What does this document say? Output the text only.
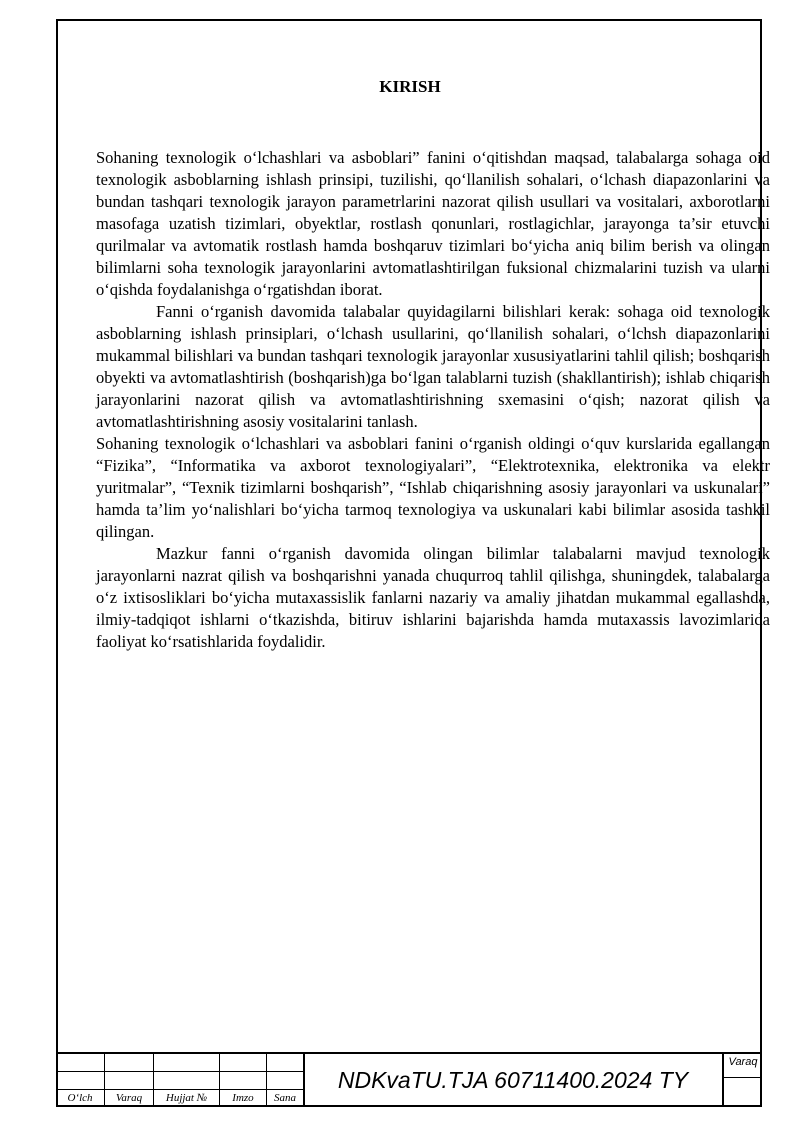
KIRISH

Sohaning texnologik o‘lchashlari va asboblari” fanini o‘qitishdan maqsad, talabalarga sohaga oid texnologik asboblarning ishlash prinsipi, tuzilishi, qo‘llanilish sohalari, o‘lchash diapazonlarini va bundan tashqari texnologik jarayon parametrlarini nazorat qilish usullari va vositalari, axborotlarni masofaga uzatish tizimlari, obyektlar, rostlash qonunlari, rostlagichlar, jarayonga ta’sir etuvchi qurilmalar va avtomatik rostlash hamda boshqaruv tizimlari bo‘yicha aniq bilim berish va olingan bilimlarni soha texnologik jarayonlarini avtomatlashtirilgan fuksional chizmalarini tuzish va ularni o‘qishda foydalanishga o‘rgatishdan iborat.

Fanni o‘rganish davomida talabalar quyidagilarni bilishlari kerak: sohaga oid texnologik asboblarning ishlash prinsiplari, o‘lchash usullarini, qo‘llanilish sohalari, o‘lchsh diapazonlarini mukammal bilishlari va bundan tashqari texnologik jarayonlar xususiyatlarini tahlil qilish; boshqarish obyekti va avtomatlashtirish (boshqarish)ga bo‘lgan talablarni tuzish (shakllantirish); ishlab chiqarish jarayonlarini nazorat qilish va avtomatlashtirishning sxemasini o‘qish; nazorat qilish va avtomatlashtirishning asosiy vositalarini tanlash.

Sohaning texnologik o‘lchashlari va asboblari fanini o‘rganish oldingi o‘quv kurslarida egallangan “Fizika”, “Informatika va axborot texnologiyalari”, “Elektrotexnika, elektronika va elektr yuritmalar”, “Texnik tizimlarni boshqarish”, “Ishlab chiqarishning asosiy jarayonlari va uskunalari” hamda ta’lim yo‘nalishlari bo‘yicha tarmoq texnologiya va uskunalari kabi bilimlar asosida tashkil qilingan.

Mazkur fanni o‘rganish davomida olingan bilimlar talabalarni mavjud texnologik jarayonlarni nazrat qilish va boshqarishni yanada chuqurroq tahlil qilishga, shuningdek, talabalarga o‘z ixtisosliklari bo‘yicha mutaxassislik fanlarni nazariy va amaliy jihatdan mukammal egallashda, ilmiy-tadqiqot ishlarni o‘tkazishda, bitiruv ishlarini bajarishda hamda mutaxassis lavozimlarida faoliyat ko‘rsatishlarida foydalidir.

O‘lch	Varaq	Hujjat №	Imzo	Sana
NDKvaTU.TJA 60711400.2024 TY
Varaq
